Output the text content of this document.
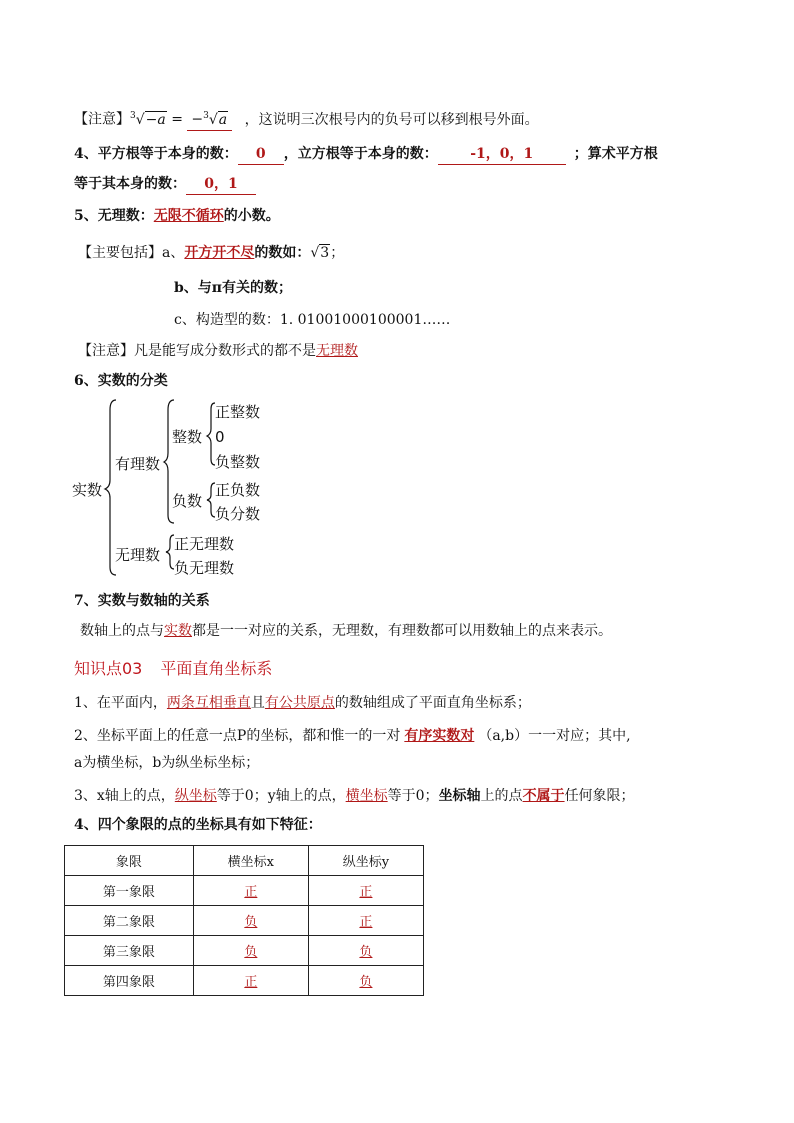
【注意】$^3$√−a = −$^3$√a ，这说明三次根号内的负号可以移到根号外面。
4、平方根等于本身的数： 0 ，立方根等于本身的数： -1，0，1	；算术平方根
等于其本身的数： 0，1
5、无理数：无限不循环的小数。
【主要包括】a、开方开不尽的数如：√3；
b、与π有关的数；
c、构造型的数：1. 01001000100001……
【注意】凡是能写成分数形式的都不是无理数
6、实数的分类
实数
有理数
整数
正整数
0
负整数
负数
正负数
负分数
无理数
正无理数
负无理数
7、实数与数轴的关系
数轴上的点与实数都是一一对应的关系，无理数，有理数都可以用数轴上的点来表示。
知识点03 平面直角坐标系
1、在平面内，两条互相垂直且有公共原点的数轴组成了平面直角坐标系；
2、坐标平面上的任意一点P的坐标，都和惟一的一对 有序实数对 （a,b）一一对应；其中,
a为横坐标，b为纵坐标坐标；
3、x轴上的点，纵坐标等于0；y轴上的点，横坐标等于0；坐标轴上的点不属于任何象限；
4、四个象限的点的坐标具有如下特征：
象限	横坐标x	纵坐标y
第一象限	正	正
第二象限	负	正
第三象限	负	负
第四象限	正	负
